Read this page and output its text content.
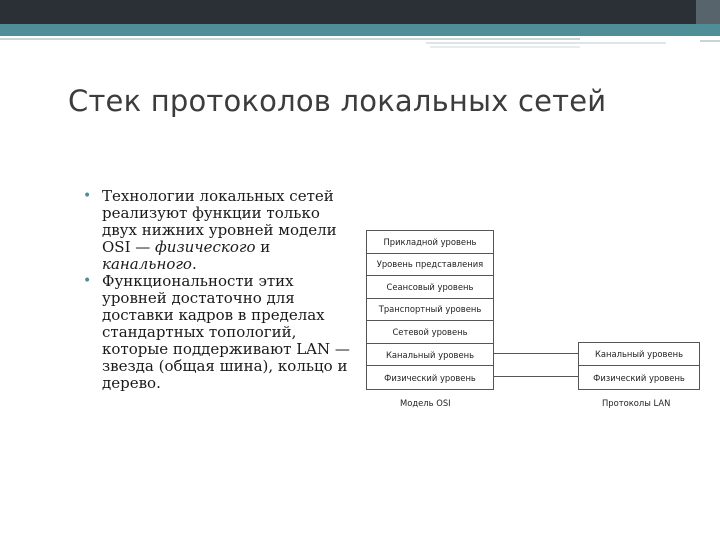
Стек протоколов локальных сетей
• Технологии локальных сетей реализуют функции только двух нижних уровней модели OSI — физического и канального.
• Функциональности этих уровней достаточно для доставки кадров в пределах стандартных топологий, которые поддерживают LAN — звезда (общая шина), кольцо и дерево.
Прикладной уровень
Уровень представления
Сеансовый уровень
Транспортный уровень
Сетевой уровень
Канальный уровень
Физический уровень
Канальный уровень
Физический уровень
Модель OSI	Протоколы LAN
